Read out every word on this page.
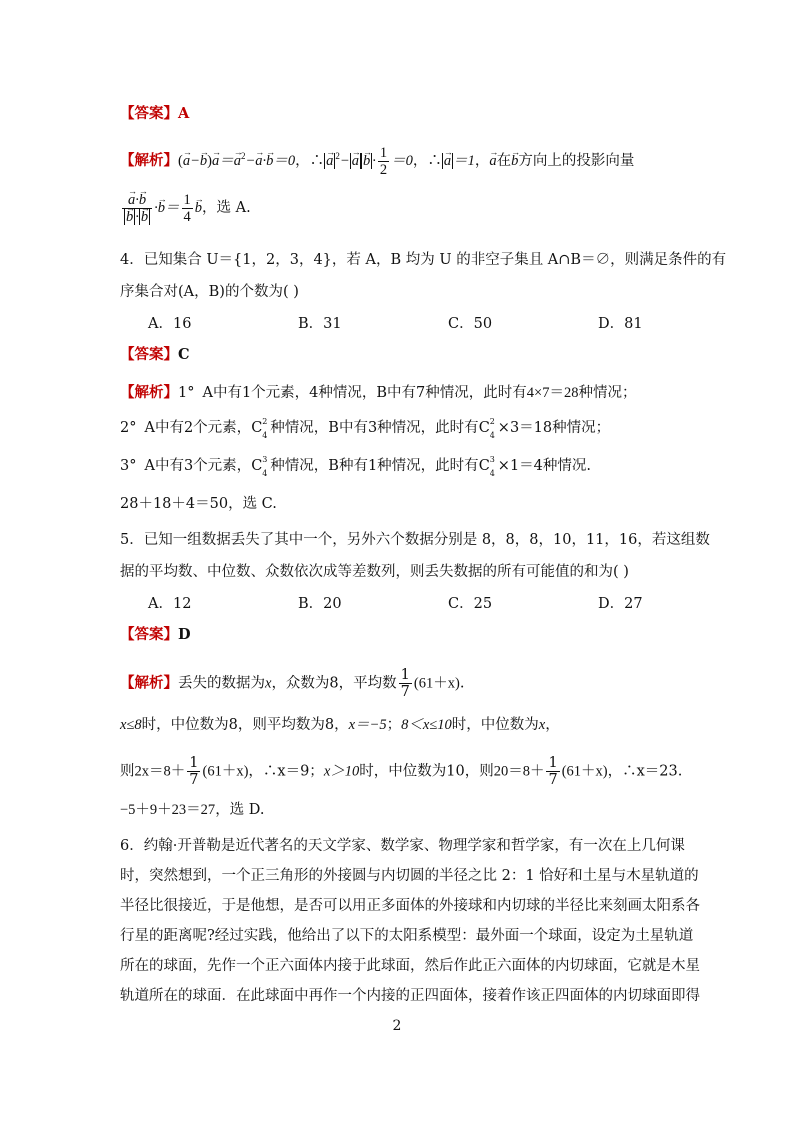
【答案】A
【解析】(→ $a-\to b)\to a=\to a^2-\to a\cdot\to b=0$，∴→ a $^2-\to a\to b \cdot \frac{1}{2} =0$，∴→ a ＝1，→ a在→ b方向上的投影向量
→ a·→ b
→ $b \cdot\to b \cdot\to b= \frac{1}{4}$
→ b，选 A.
4．已知集合 U＝{1，2，3，4}，若 A，B 均为 U 的非空子集且 A∩B＝∅，则满足条件的有
序集合对(A，B)的个数为( )
A．16	B．31	C．50	D．81
【答案】C
【解析】1° A中有1个元素，4种情况，B中有7种情况，此时有4×7＝28种情况；
2° A中有2个元素，C 2
4 种情况，B中有3种情况，此时有C 2
4 ×3＝18种情况；
3° A中有3个元素，C 3
4 种情况，B种有1种情况，此时有C 3
4 ×1＝4种情况.
28＋18＋4＝50，选 C.
5．已知一组数据丢失了其中一个，另外六个数据分别是 8，8，8，10，11，16，若这组数
据的平均数、中位数、众数依次成等差数列，则丢失数据的所有可能值的和为( )
A．12	B．20	C．25	D．27
【答案】D
【解析】丢失的数据为x，众数为8，平均数 $\frac{1}{7} (61+x)$.
x≤8时，中位数为8，则平均数为8，x＝−5；8＜x≤10时，中位数为x，
则$2x=8+ \frac{1}{7} (61+x)$，∴x＝9；x＞10时，中位数为10，则$20=8+ \frac{1}{7} (61+x)$，∴x＝23.
−5＋9＋23＝27，选 D.
6．约翰·开普勒是近代著名的天文学家、数学家、物理学家和哲学家，有一次在上几何课
时，突然想到，一个正三角形的外接圆与内切圆的半径之比 2：1 恰好和土星与木星轨道的
半径比很接近，于是他想，是否可以用正多面体的外接球和内切球的半径比来刻画太阳系各
行星的距离呢?经过实践，他给出了以下的太阳系模型：最外面一个球面，设定为土星轨道
所在的球面，先作一个正六面体内接于此球面，然后作此正六面体的内切球面，它就是木星
轨道所在的球面．在此球面中再作一个内接的正四面体，接着作该正四面体的内切球面即得
2
